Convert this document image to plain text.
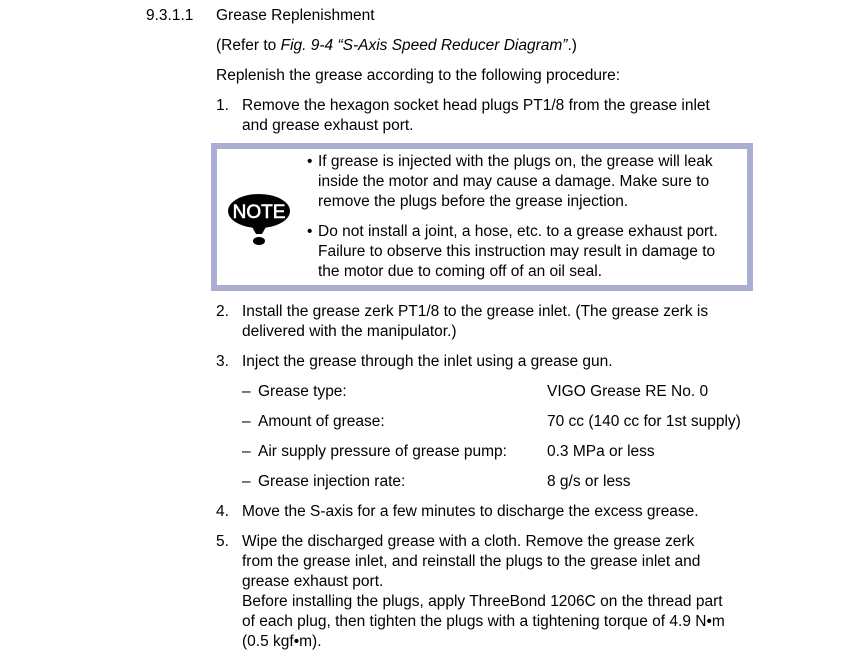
9.3.1.1 Grease Replenishment
(Refer to Fig. 9-4 “S-Axis Speed Reducer Diagram”.)
Replenish the grease according to the following procedure:
1. Remove the hexagon socket head plugs PT1/8 from the grease inlet
and grease exhaust port.
NOTE
• If grease is injected with the plugs on, the grease will leak
inside the motor and may cause a damage. Make sure to
remove the plugs before the grease injection.
• Do not install a joint, a hose, etc. to a grease exhaust port.
Failure to observe this instruction may result in damage to
the motor due to coming off of an oil seal.
2. Install the grease zerk PT1/8 to the grease inlet. (The grease zerk is
delivered with the manipulator.)
3. Inject the grease through the inlet using a grease gun.
– Grease type:	VIGO Grease RE No. 0
– Amount of grease:	70 cc (140 cc for 1st supply)
– Air supply pressure of grease pump:	0.3 MPa or less
– Grease injection rate:	8 g/s or less
4. Move the S-axis for a few minutes to discharge the excess grease.
5. Wipe the discharged grease with a cloth. Remove the grease zerk
from the grease inlet, and reinstall the plugs to the grease inlet and
grease exhaust port.
Before installing the plugs, apply ThreeBond 1206C on the thread part
of each plug, then tighten the plugs with a tightening torque of 4.9 N•m
(0.5 kgf•m).
